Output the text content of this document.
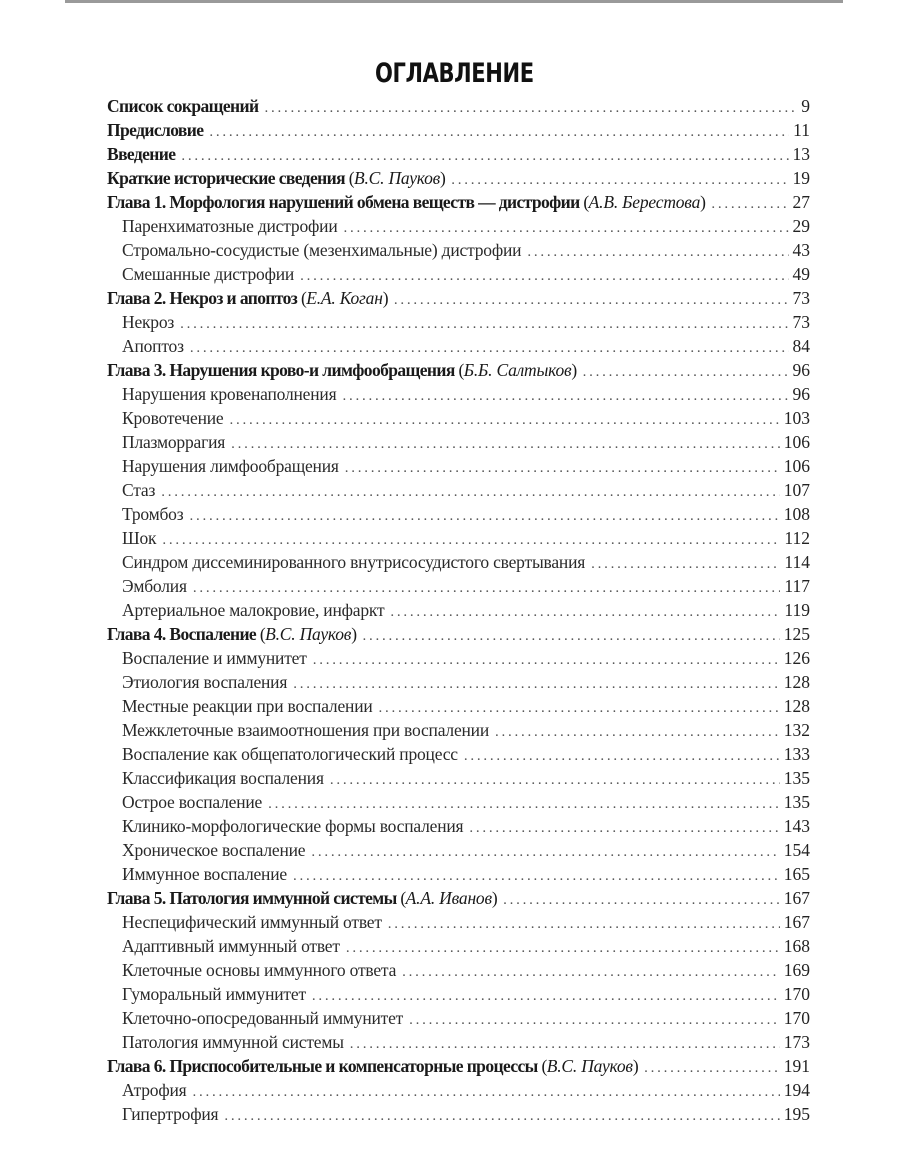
ОГЛАВЛЕНИЕ
Список сокращений . . .	9
Предисловие . . .	11
Введение . . .	13
Краткие исторические сведения (В.С. Пауков) . . .	19
Глава 1. Морфология нарушений обмена веществ — дистрофии (А.В. Берестова) . . .	27
Паренхиматозные дистрофии . . .	29
Стромально-сосудистые (мезенхимальные) дистрофии . . .	43
Смешанные дистрофии . . .	49
Глава 2. Некроз и апоптоз (Е.А. Коган) . . .	73
Некроз . . .	73
Апоптоз . . .	84
Глава 3. Нарушения крово-и лимфообращения (Б.Б. Салтыков) . . .	96
Нарушения кровенаполнения . . .	96
Кровотечение . . .	103
Плазморрагия . . .	106
Нарушения лимфообращения . . .	106
Стаз . . .	107
Тромбоз . . .	108
Шок . . .	112
Синдром диссеминированного внутрисосудистого свертывания . . .	114
Эмболия . . .	117
Артериальное малокровие, инфаркт . . .	119
Глава 4. Воспаление (В.С. Пауков) . . .	125
Воспаление и иммунитет . . .	126
Этиология воспаления . . .	128
Местные реакции при воспалении . . .	128
Межклеточные взаимоотношения при воспалении . . .	132
Воспаление как общепатологический процесс . . .	133
Классификация воспаления . . .	135
Острое воспаление . . .	135
Клинико-морфологические формы воспаления . . .	143
Хроническое воспаление . . .	154
Иммунное воспаление . . .	165
Глава 5. Патология иммунной системы (А.А. Иванов) . . .	167
Неспецифический иммунный ответ . . .	167
Адаптивный иммунный ответ . . .	168
Клеточные основы иммунного ответа . . .	169
Гуморальный иммунитет . . .	170
Клеточно-опосредованный иммунитет . . .	170
Патология иммунной системы . . .	173
Глава 6. Приспособительные и компенсаторные процессы (В.С. Пауков) . . .	191
Атрофия . . .	194
Гипертрофия . . .	195
